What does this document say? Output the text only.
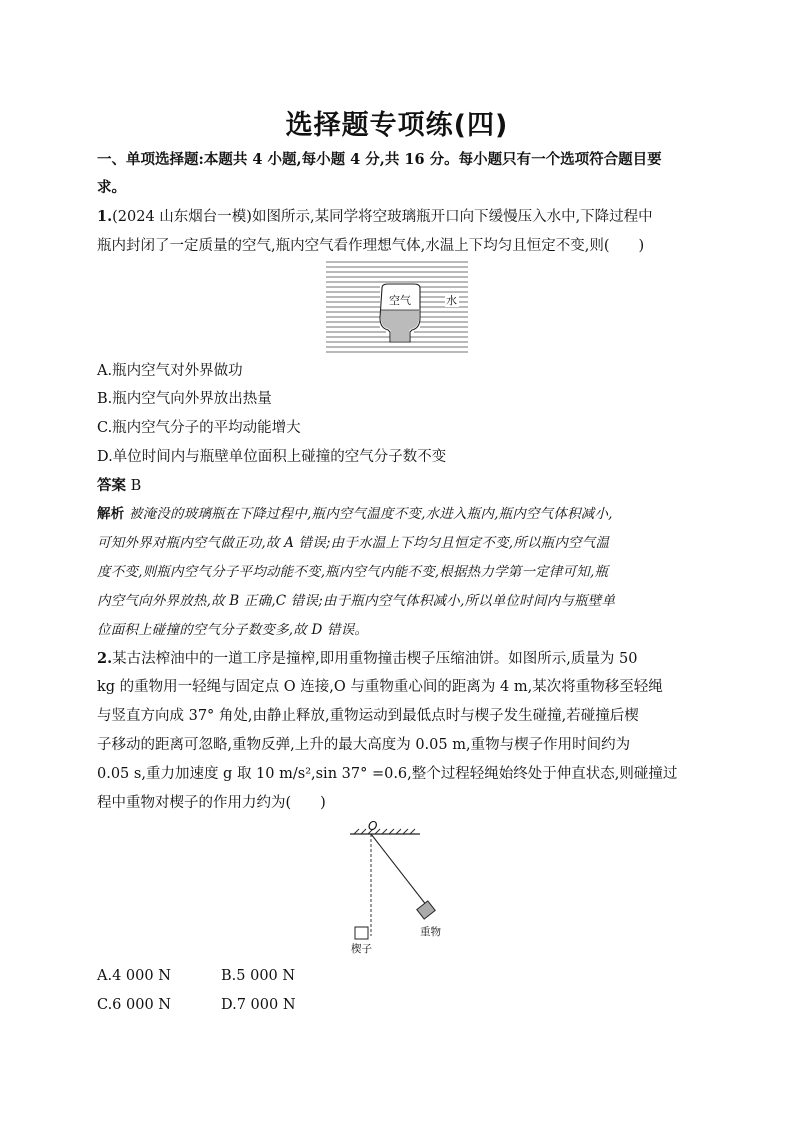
选择题专项练(四)
一、单项选择题:本题共 4 小题,每小题 4 分,共 16 分。每小题只有一个选项符合题目要
求。
1.(2024 山东烟台一模)如图所示,某同学将空玻璃瓶开口向下缓慢压入水中,下降过程中
瓶内封闭了一定质量的空气,瓶内空气看作理想气体,水温上下均匀且恒定不变,则(　　)
空气	水
A.瓶内空气对外界做功
B.瓶内空气向外界放出热量
C.瓶内空气分子的平均动能增大
D.单位时间内与瓶壁单位面积上碰撞的空气分子数不变
答案 B
解析 被淹没的玻璃瓶在下降过程中,瓶内空气温度不变,水进入瓶内,瓶内空气体积减小,
可知外界对瓶内空气做正功,故 A 错误;由于水温上下均匀且恒定不变,所以瓶内空气温
度不变,则瓶内空气分子平均动能不变,瓶内空气内能不变,根据热力学第一定律可知,瓶
内空气向外界放热,故 B 正确,C 错误;由于瓶内空气体积减小,所以单位时间内与瓶壁单
位面积上碰撞的空气分子数变多,故 D 错误。
2.某古法榨油中的一道工序是撞榨,即用重物撞击楔子压缩油饼。如图所示,质量为 50
kg 的重物用一轻绳与固定点 O 连接,O 与重物重心间的距离为 4 m,某次将重物移至轻绳
与竖直方向成 37° 角处,由静止释放,重物运动到最低点时与楔子发生碰撞,若碰撞后楔
子移动的距离可忽略,重物反弹,上升的最大高度为 0.05 m,重物与楔子作用时间约为
0.05 s,重力加速度 g 取 10 m/s²,sin 37° =0.6,整个过程轻绳始终处于伸直状态,则碰撞过
程中重物对楔子的作用力约为(　　)
O
楔子
重物
A.4 000 N	B.5 000 N
C.6 000 N	D.7 000 N
